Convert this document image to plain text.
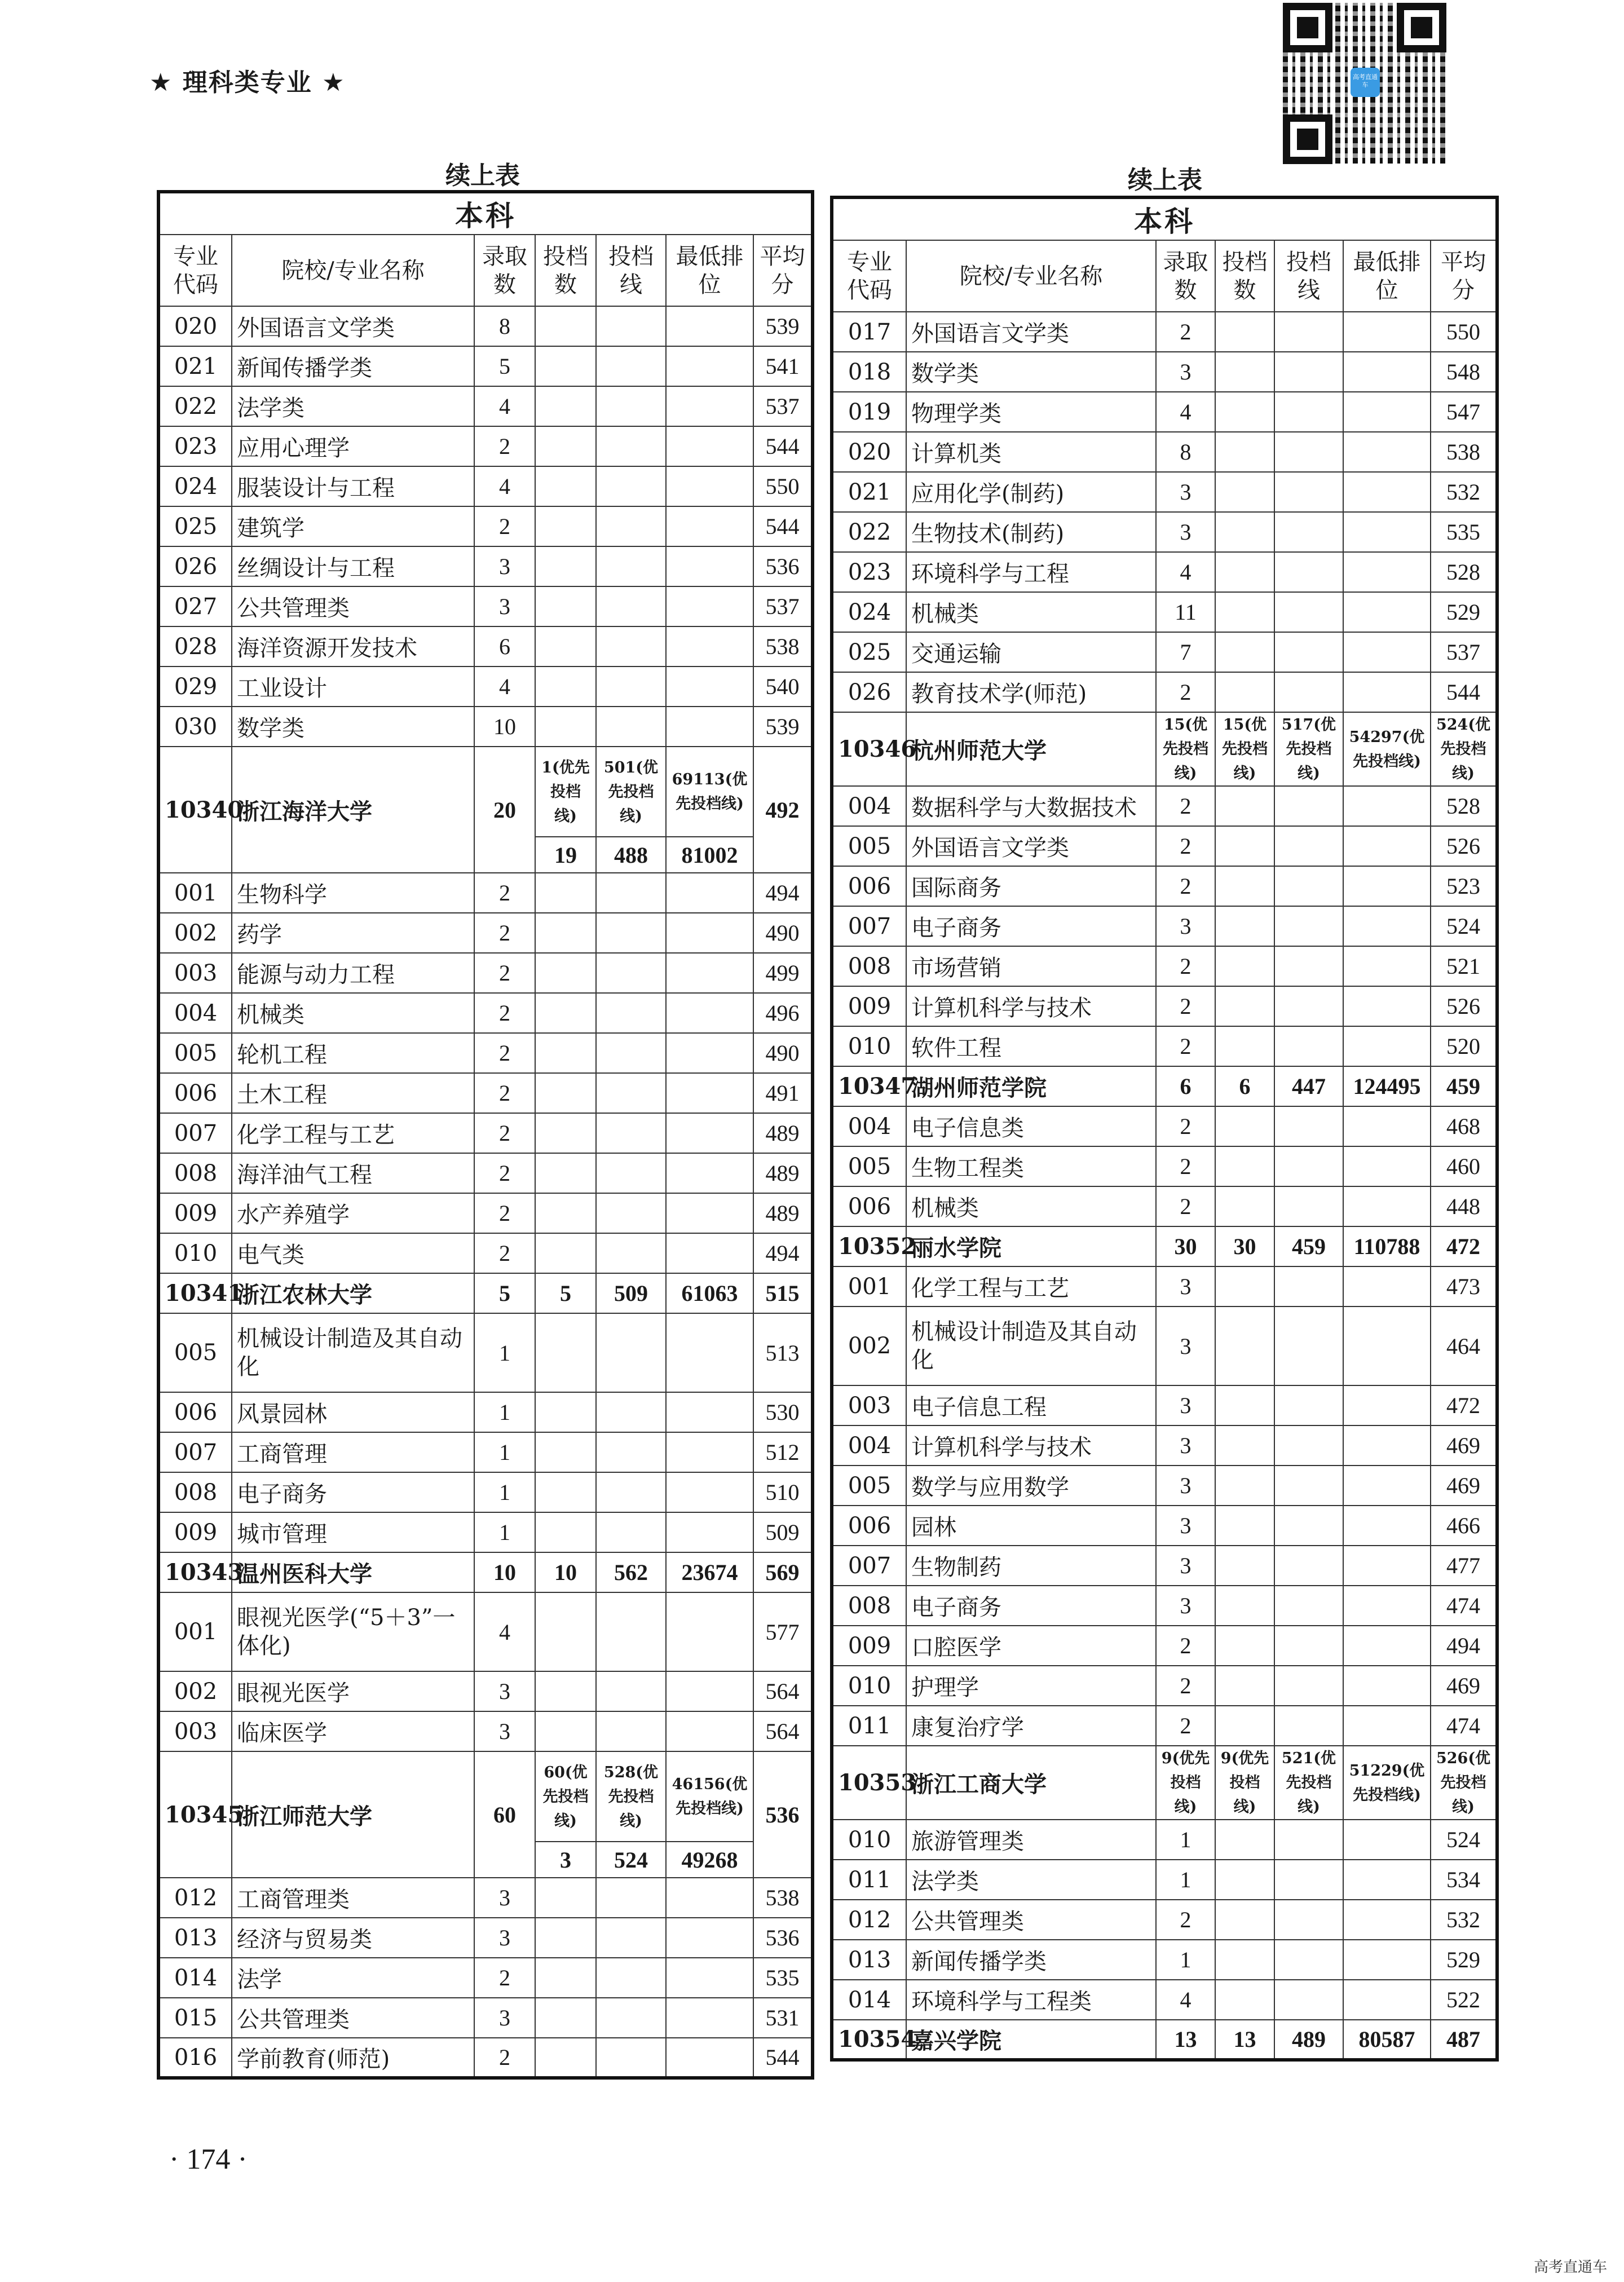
★ 理科类专业 ★	高考直通车
续上表	续上表
本科						
专业代码	院校/专业名称	录取数	投档数	投档线	最低排位	平均分
020	外国语言文学类	8				539
021	新闻传播学类	5				541
022	法学类	4				537
023	应用心理学	2				544
024	服装设计与工程	4				550
025	建筑学	2				544
026	丝绸设计与工程	3				536
027	公共管理类	3				537
028	海洋资源开发技术	6				538
029	工业设计	4				540
030	数学类	10				539
10340	浙江海洋大学	20	1(优先投档线)	501(优先投档线)	69113(优先投档线)	492
			19	488	81002	
001	生物科学	2				494
002	药学	2				490
003	能源与动力工程	2				499
004	机械类	2				496
005	轮机工程	2				490
006	土木工程	2				491
007	化学工程与工艺	2				489
008	海洋油气工程	2				489
009	水产养殖学	2				489
010	电气类	2				494
10341	浙江农林大学	5	5	509	61063	515
005	机械设计制造及其自动化	1				513
006	风景园林	1				530
007	工商管理	1				512
008	电子商务	1				510
009	城市管理	1				509
10343	温州医科大学	10	10	562	23674	569
001	眼视光医学(“5＋3”一体化)	4				577
002	眼视光医学	3				564
003	临床医学	3				564
10345	浙江师范大学	60	60(优先投档线)	528(优先投档线)	46156(优先投档线)	536
			3	524	49268	
012	工商管理类	3				538
013	经济与贸易类	3				536
014	法学	2				535
015	公共管理类	3				531
016	学前教育(师范)	2				544
本科						
专业代码	院校/专业名称	录取数	投档数	投档线	最低排位	平均分
017	外国语言文学类	2				550
018	数学类	3				548
019	物理学类	4				547
020	计算机类	8				538
021	应用化学(制药)	3				532
022	生物技术(制药)	3				535
023	环境科学与工程	4				528
024	机械类	11				529
025	交通运输	7				537
026	教育技术学(师范)	2				544
10346	杭州师范大学	15(优先投档线)	15(优先投档线)	517(优先投档线)	54297(优先投档线)	524(优先投档线)
004	数据科学与大数据技术	2				528
005	外国语言文学类	2				526
006	国际商务	2				523
007	电子商务	3				524
008	市场营销	2				521
009	计算机科学与技术	2				526
010	软件工程	2				520
10347	湖州师范学院	6	6	447	124495	459
004	电子信息类	2				468
005	生物工程类	2				460
006	机械类	2				448
10352	丽水学院	30	30	459	110788	472
001	化学工程与工艺	3				473
002	机械设计制造及其自动化	3				464
003	电子信息工程	3				472
004	计算机科学与技术	3				469
005	数学与应用数学	3				469
006	园林	3				466
007	生物制药	3				477
008	电子商务	3				474
009	口腔医学	2				494
010	护理学	2				469
011	康复治疗学	2				474
10353	浙江工商大学	9(优先投档线)	9(优先投档线)	521(优先投档线)	51229(优先投档线)	526(优先投档线)
010	旅游管理类	1				524
011	法学类	1				534
012	公共管理类	2				532
013	新闻传播学类	1				529
014	环境科学与工程类	4				522
10354	嘉兴学院	13	13	489	80587	487
· 174 ·
高考直通车
